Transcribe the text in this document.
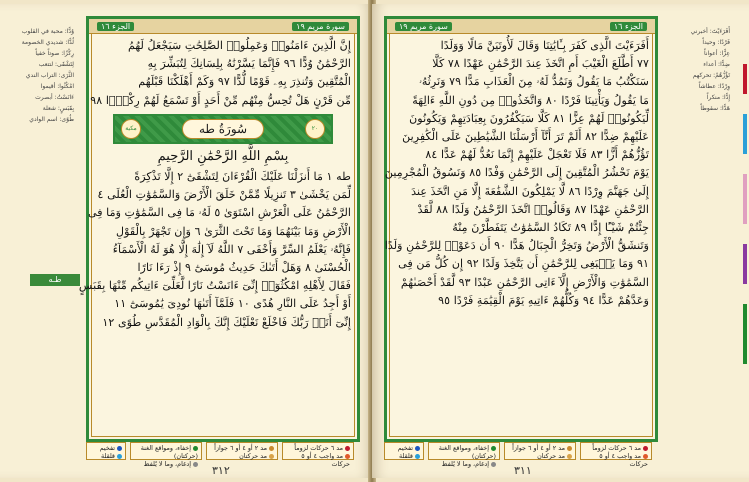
وُدًّا: محبة في القلوب
لُدًّا: شديدي الخصومة
رِكْزًا: صوتاً خفياً
لِتَشْقَى: لتتعب
الثَّرَى: التراب الندي
امْكُثُوا: أقيموا
ءَانَسْتُ: أبصرت
بِقَبَسٍ: شعلة
طُوًى: اسم الوادي
طـه
الجزء ١٦	سورة مريم ١٩
إِنَّ الَّذِينَ ءَامَنُوا۟ وَعَمِلُوا۟ الصَّٰلِحَٰتِ سَيَجْعَلُ لَهُمُ
الرَّحْمَٰنُ وُدًّا ٩٦ فَإِنَّمَا يَسَّرْنَٰهُ بِلِسَانِكَ لِتُبَشِّرَ بِهِ
الْمُتَّقِينَ وَتُنذِرَ بِهِۦ قَوْمًا لُّدًّا ٩٧ وَكَمْ أَهْلَكْنَا قَبْلَهُم
مِّن قَرْنٍ هَلْ تُحِسُّ مِنْهُم مِّنْ أَحَدٍ أَوْ تَسْمَعُ لَهُمْ رِكْزًۢا ٩٨
مكية	سُورَةُ طه	٢٠
بِسْمِ اللَّهِ الرَّحْمَٰنِ الرَّحِيمِ
طه ١ مَا أَنزَلْنَا عَلَيْكَ الْقُرْءَانَ لِتَشْقَىٰٓ ٢ إِلَّا تَذْكِرَةً
لِّمَن يَخْشَىٰ ٣ تَنزِيلًا مِّمَّنْ خَلَقَ الْأَرْضَ وَالسَّمَٰوَٰتِ الْعُلَى ٤
الرَّحْمَٰنُ عَلَى الْعَرْشِ اسْتَوَىٰ ٥ لَهُۥ مَا فِى السَّمَٰوَٰتِ وَمَا فِى
الْأَرْضِ وَمَا بَيْنَهُمَا وَمَا تَحْتَ الثَّرَىٰ ٦ وَإِن تَجْهَرْ بِالْقَوْلِ
فَإِنَّهُۥ يَعْلَمُ السِّرَّ وَأَخْفَى ٧ اللَّهُ لَآ إِلَٰهَ إِلَّا هُوَ لَهُ الْأَسْمَآءُ
الْحُسْنَىٰ ٨ وَهَلْ أَتَىٰكَ حَدِيثُ مُوسَىٰٓ ٩ إِذْ رَءَا نَارًا
فَقَالَ لِأَهْلِهِ امْكُثُوٓا۟ إِنِّىٓ ءَانَسْتُ نَارًا لَّعَلِّىٓ ءَاتِيكُم مِّنْهَا بِقَبَسٍ
أَوْ أَجِدُ عَلَى النَّارِ هُدًى ١٠ فَلَمَّآ أَتَىٰهَا نُودِىَ يَٰمُوسَىٰٓ ١١
إِنِّىٓ أَنَا۠ رَبُّكَ فَاخْلَعْ نَعْلَيْكَ إِنَّكَ بِالْوَادِ الْمُقَدَّسِ طُوًى ١٢
مد ٦ حركات لزوماً
مد واجب ٤ أو ٥ حركات
مد ٢ أو ٤ أو ٦ جوازاً
مد حركتان
إخفاء، ومواقع الغنة (حركتان)
إدغام، وما لا يُلفظ
تفخيم
قلقلة
٣١٢
سورة مريم ١٩	الجزء ١٦
أَفَرَءَيْتَ الَّذِى كَفَرَ بِـَٔايَٰتِنَا وَقَالَ لَأُوتَيَنَّ مَالًا وَوَلَدًا
٧٧ أَطَّلَعَ الْغَيْبَ أَمِ اتَّخَذَ عِندَ الرَّحْمَٰنِ عَهْدًا ٧٨ كَلَّا
سَنَكْتُبُ مَا يَقُولُ وَنَمُدُّ لَهُۥ مِنَ الْعَذَابِ مَدًّا ٧٩ وَنَرِثُهُۥ
مَا يَقُولُ وَيَأْتِينَا فَرْدًا ٨٠ وَاتَّخَذُوا۟ مِن دُونِ اللَّهِ ءَالِهَةً
لِّيَكُونُوا۟ لَهُمْ عِزًّا ٨١ كَلَّا سَيَكْفُرُونَ بِعِبَادَتِهِمْ وَيَكُونُونَ
عَلَيْهِمْ ضِدًّا ٨٢ أَلَمْ تَرَ أَنَّآ أَرْسَلْنَا الشَّيَٰطِينَ عَلَى الْكَٰفِرِينَ
تَؤُزُّهُمْ أَزًّا ٨٣ فَلَا تَعْجَلْ عَلَيْهِمْ إِنَّمَا نَعُدُّ لَهُمْ عَدًّا ٨٤
يَوْمَ نَحْشُرُ الْمُتَّقِينَ إِلَى الرَّحْمَٰنِ وَفْدًا ٨٥ وَنَسُوقُ الْمُجْرِمِينَ
إِلَىٰ جَهَنَّمَ وِرْدًا ٨٦ لَّا يَمْلِكُونَ الشَّفَٰعَةَ إِلَّا مَنِ اتَّخَذَ عِندَ
الرَّحْمَٰنِ عَهْدًا ٨٧ وَقَالُوا۟ اتَّخَذَ الرَّحْمَٰنُ وَلَدًا ٨٨ لَّقَدْ
جِئْتُمْ شَيْـًٔا إِدًّا ٨٩ تَكَادُ السَّمَٰوَٰتُ يَتَفَطَّرْنَ مِنْهُ
وَتَنشَقُّ الْأَرْضُ وَتَخِرُّ الْجِبَالُ هَدًّا ٩٠ أَن دَعَوْا۟ لِلرَّحْمَٰنِ وَلَدًا
٩١ وَمَا يَنۢبَغِى لِلرَّحْمَٰنِ أَن يَتَّخِذَ وَلَدًا ٩٢ إِن كُلُّ مَن فِى
السَّمَٰوَٰتِ وَالْأَرْضِ إِلَّآ ءَاتِى الرَّحْمَٰنِ عَبْدًا ٩٣ لَّقَدْ أَحْصَىٰهُمْ
وَعَدَّهُمْ عَدًّا ٩٤ وَكُلُّهُمْ ءَاتِيهِ يَوْمَ الْقِيَٰمَةِ فَرْدًا ٩٥
مد ٦ حركات لزوماً
مد واجب ٤ أو ٥ حركات
مد ٢ أو ٤ أو ٦ جوازاً
مد حركتان
إخفاء، ومواقع الغنة (حركتان)
إدغام، وما لا يُلفظ
تفخيم
قلقلة
٣١١
أَفَرَءَيْتَ: أخبرني
فَرْدًا: وحيداً
عِزًّا: أعواناً
ضِدًّا: أعداء
تَؤُزُّهُمْ: تحركهم
وِرْدًا: عطاشاً
إِدًّا: منكراً
هَدًّا: سقوطاً
